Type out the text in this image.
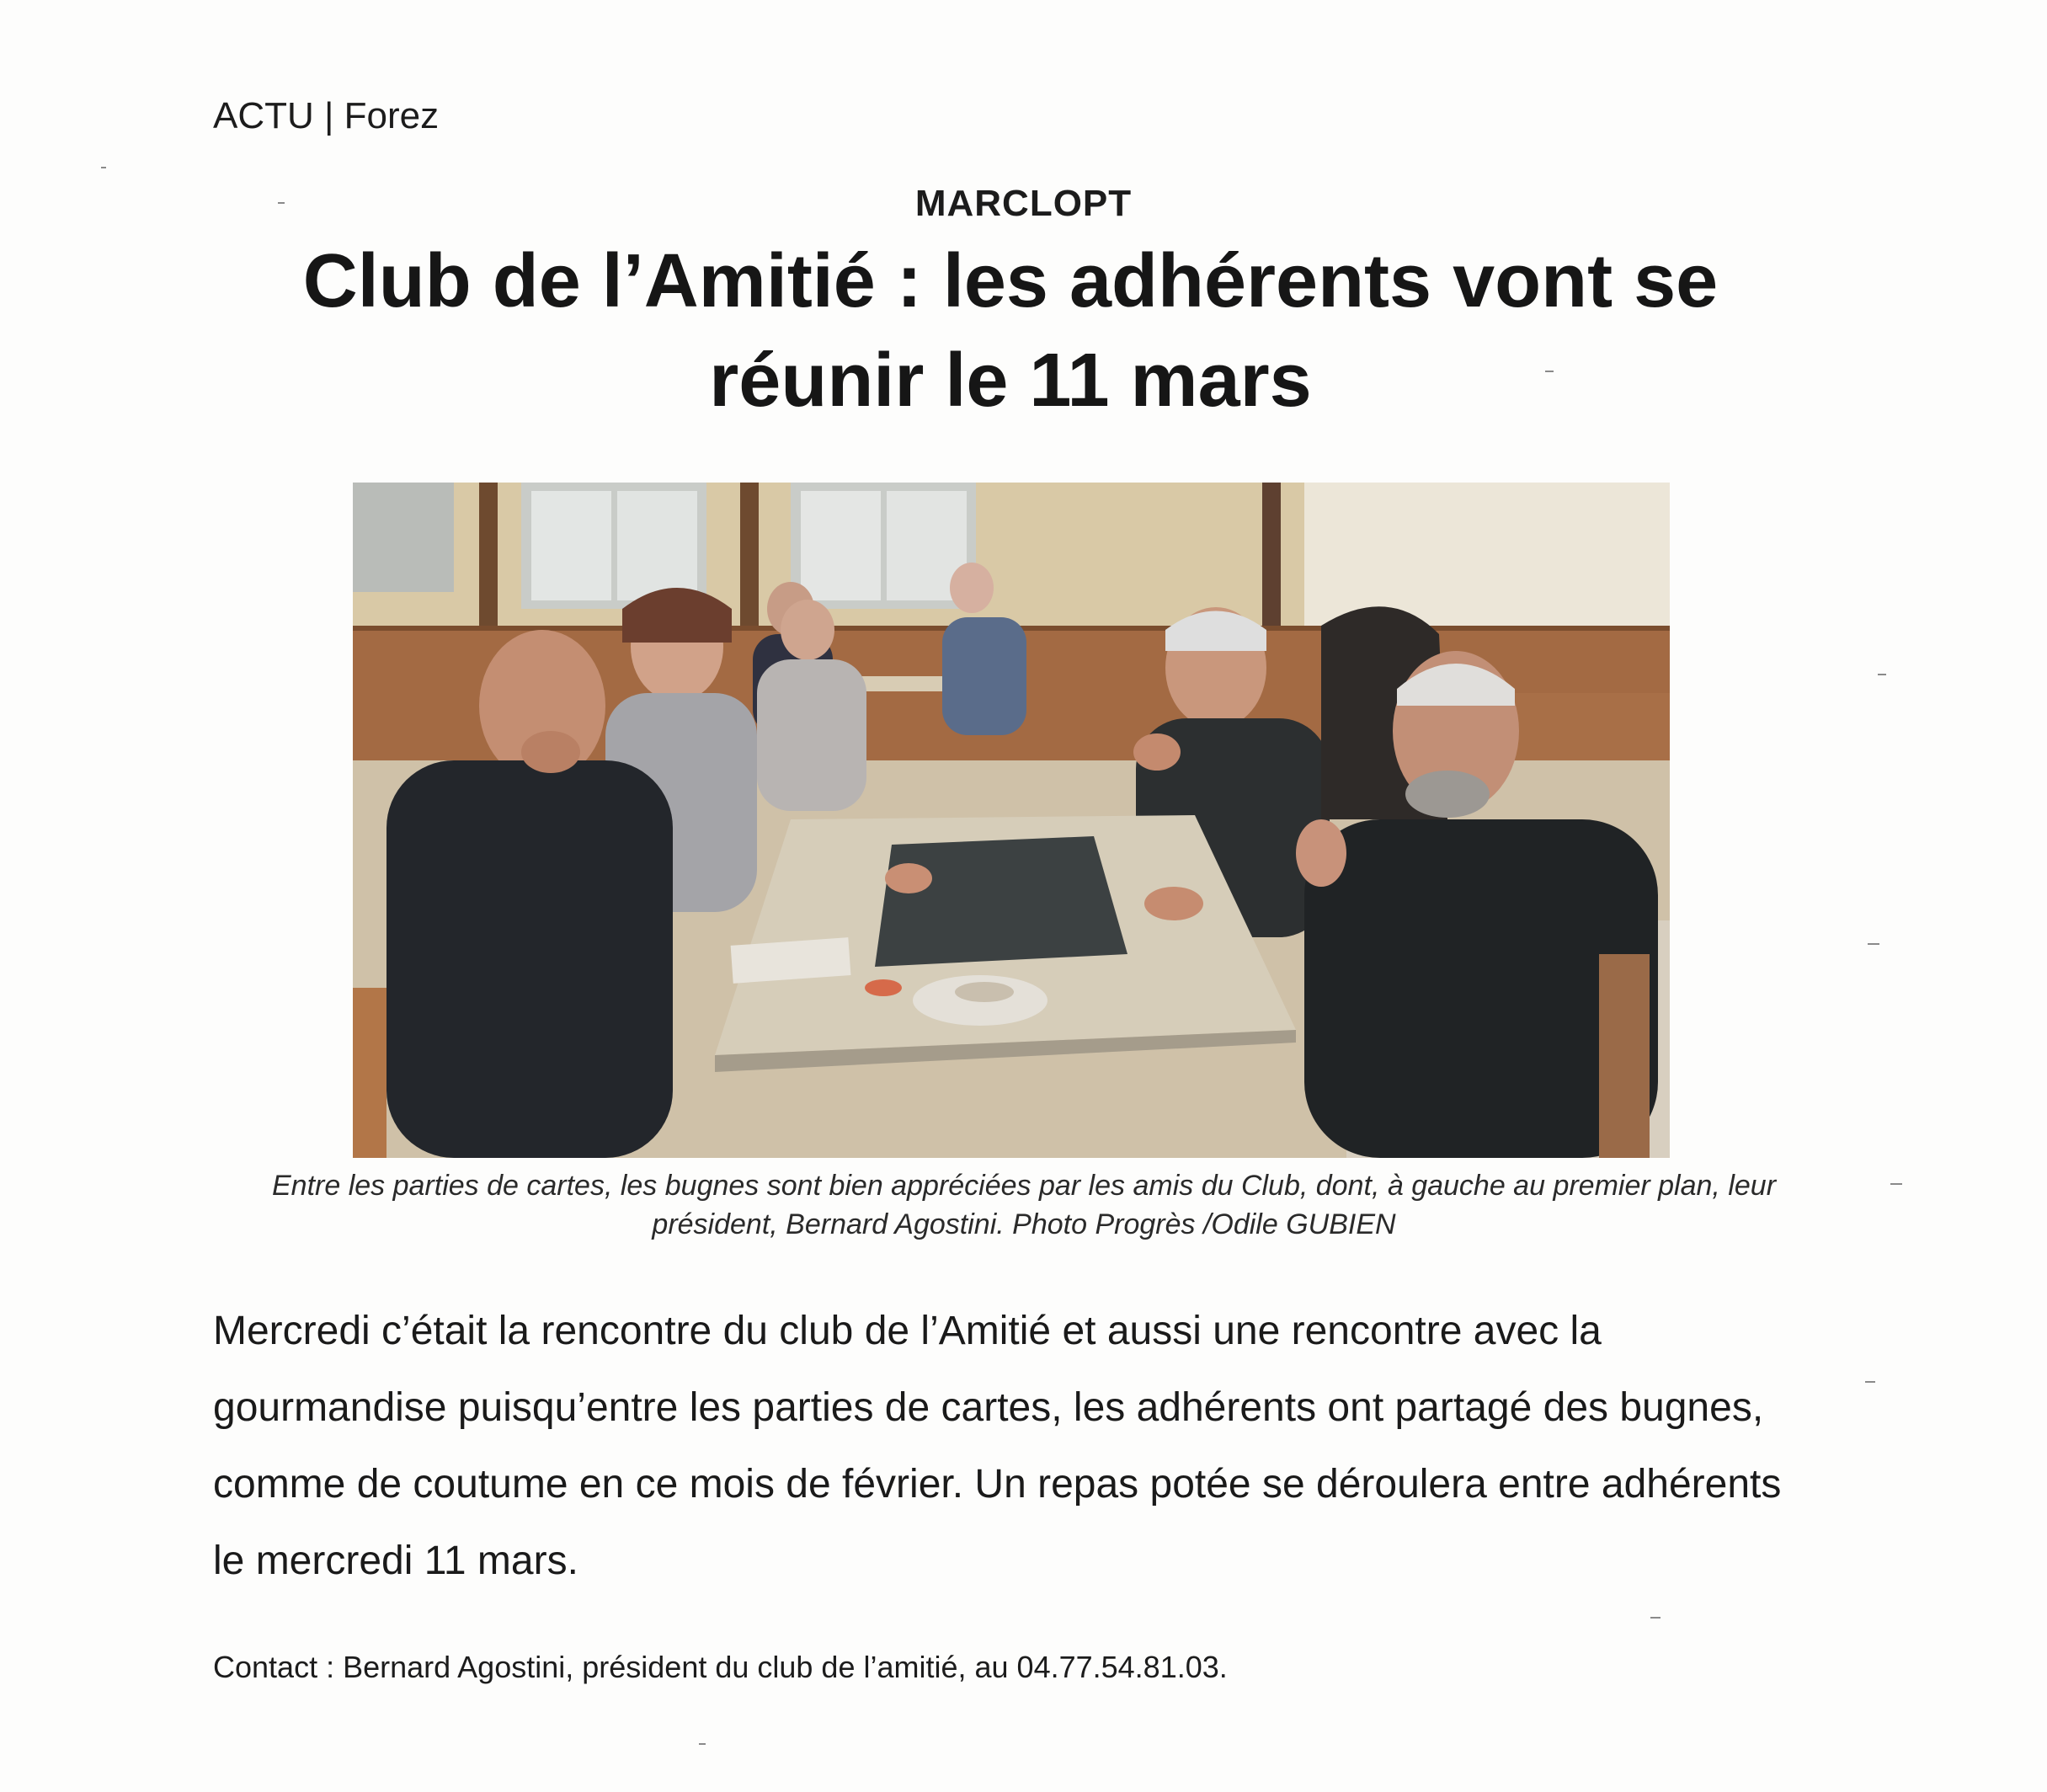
ACTU | Forez
MARCLOPT
Club de l’Amitié : les adhérents vont se réunir le 11 mars
Entre les parties de cartes, les bugnes sont bien appréciées par les amis du Club, dont, à gauche au premier plan, leur président, Bernard Agostini. Photo Progrès /Odile GUBIEN

Mercredi c’était la rencontre du club de l’Amitié et aussi une rencontre avec la gourmandise puisqu’entre les parties de cartes, les adhérents ont partagé des bugnes, comme de coutume en ce mois de février. Un repas potée se déroulera entre adhérents le mercredi 11 mars.

Contact : Bernard Agostini, président du club de l’amitié, au 04.77.54.81.03.
